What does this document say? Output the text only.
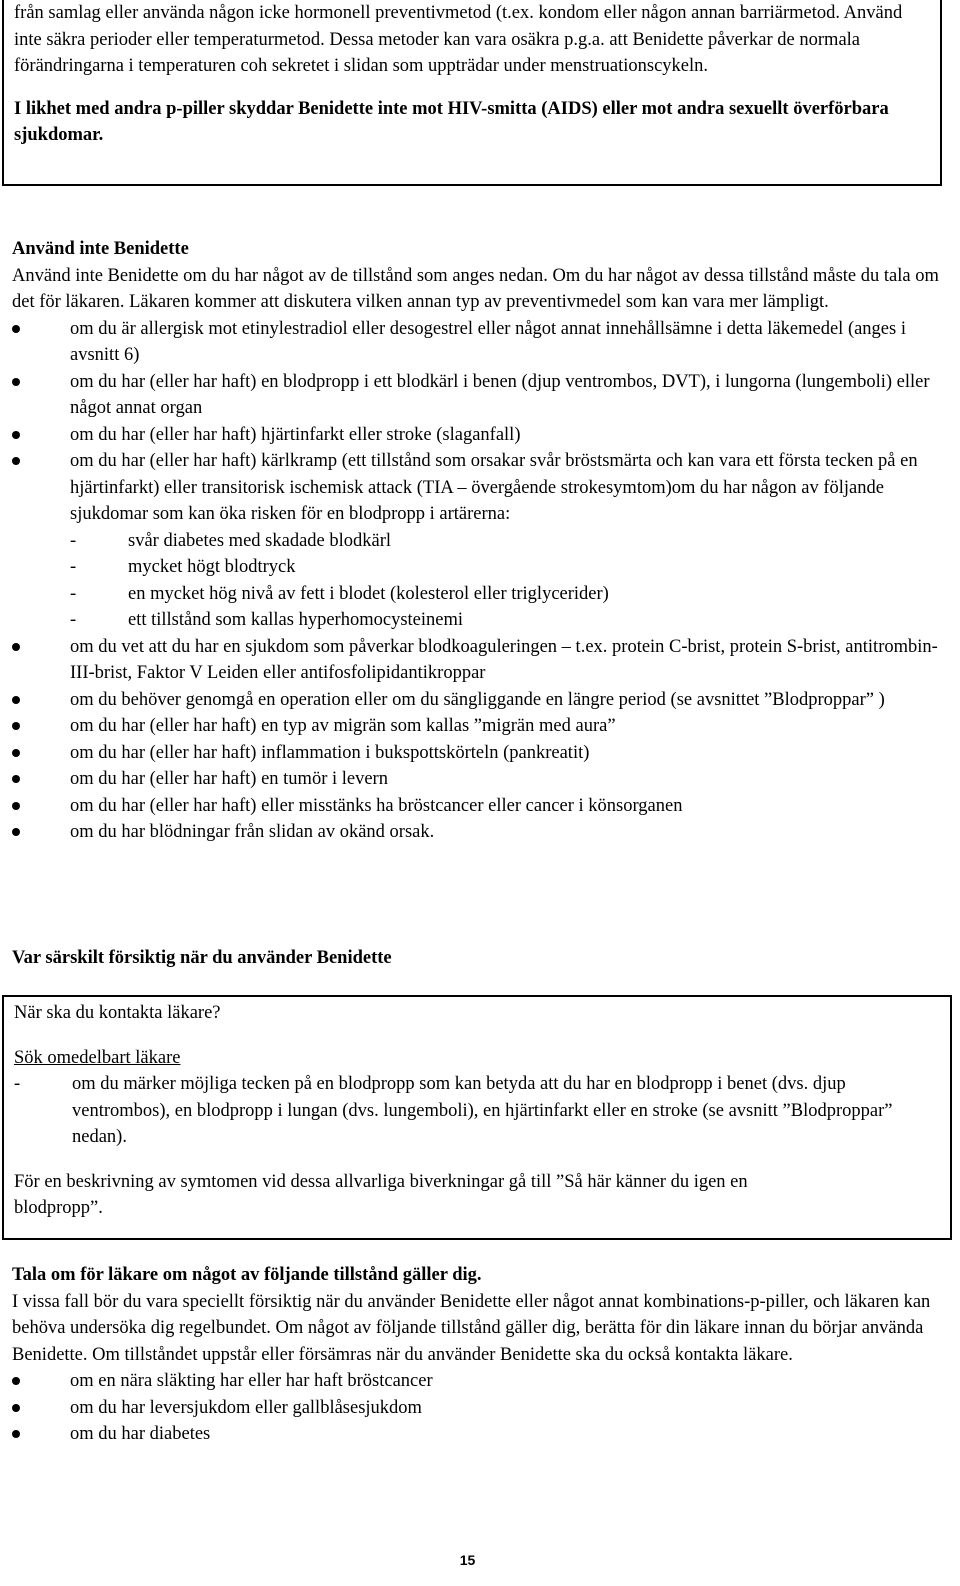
från samlag eller använda någon icke hormonell preventivmetod (t.ex. kondom eller någon annan barriärmetod. Använd inte säkra perioder eller temperaturmetod. Dessa metoder kan vara osäkra p.g.a. att Benidette påverkar de normala förändringarna i temperaturen coh sekretet i slidan som uppträdar under menstruationscykeln.

I likhet med andra p-piller skyddar Benidette inte mot HIV-smitta (AIDS) eller mot andra sexuellt överförbara sjukdomar.

Använd inte Benidette

Använd inte Benidette om du har något av de tillstånd som anges nedan. Om du har något av dessa tillstånd måste du tala om det för läkaren. Läkaren kommer att diskutera vilken annan typ av preventivmedel som kan vara mer lämpligt.

om du är allergisk mot etinylestradiol eller desogestrel eller något annat innehållsämne i detta läkemedel (anges i avsnitt 6)
om du har (eller har haft) en blodpropp i ett blodkärl i benen (djup ventrombos, DVT), i lungorna (lungemboli) eller något annat organ
om du har (eller har haft) hjärtinfarkt eller stroke (slaganfall)
om du har (eller har haft) kärlkramp (ett tillstånd som orsakar svår bröstsmärta och kan vara ett första tecken på en hjärtinfarkt) eller transitorisk ischemisk attack (TIA – övergående strokesymtom)om du har någon av följande sjukdomar som kan öka risken för en blodpropp i artärerna:
- svår diabetes med skadade blodkärl
- mycket högt blodtryck
- en mycket hög nivå av fett i blodet (kolesterol eller triglycerider)
- ett tillstånd som kallas hyperhomocysteinemi
om du vet att du har en sjukdom som påverkar blodkoaguleringen – t.ex. protein C-brist, protein S-brist, antitrombin-III-brist, Faktor V Leiden eller antifosfolipidantikroppar
om du behöver genomgå en operation eller om du sängliggande en längre period (se avsnittet ”Blodproppar” )
om du har (eller har haft) en typ av migrän som kallas ”migrän med aura”
om du har (eller har haft) inflammation i bukspottskörteln (pankreatit)
om du har (eller har haft) en tumör i levern
om du har (eller har haft) eller misstänks ha bröstcancer eller cancer i könsorganen
om du har blödningar från slidan av okänd orsak.

Var särskilt försiktig när du använder Benidette

När ska du kontakta läkare?

Sök omedelbart läkare

- om du märker möjliga tecken på en blodpropp som kan betyda att du har en blodpropp i benet (dvs. djup ventrombos), en blodpropp i lungan (dvs. lungemboli), en hjärtinfarkt eller en stroke (se avsnitt ”Blodproppar” nedan).

För en beskrivning av symtomen vid dessa allvarliga biverkningar gå till ”Så här känner du igen en blodpropp”.

Tala om för läkare om något av följande tillstånd gäller dig.

I vissa fall bör du vara speciellt försiktig när du använder Benidette eller något annat kombinations-p-piller, och läkaren kan behöva undersöka dig regelbundet. Om något av följande tillstånd gäller dig, berätta för din läkare innan du börjar använda Benidette. Om tillståndet uppstår eller försämras när du använder Benidette ska du också kontakta läkare.

om en nära släkting har eller har haft bröstcancer
om du har leversjukdom eller gallblåsesjukdom
om du har diabetes
15
